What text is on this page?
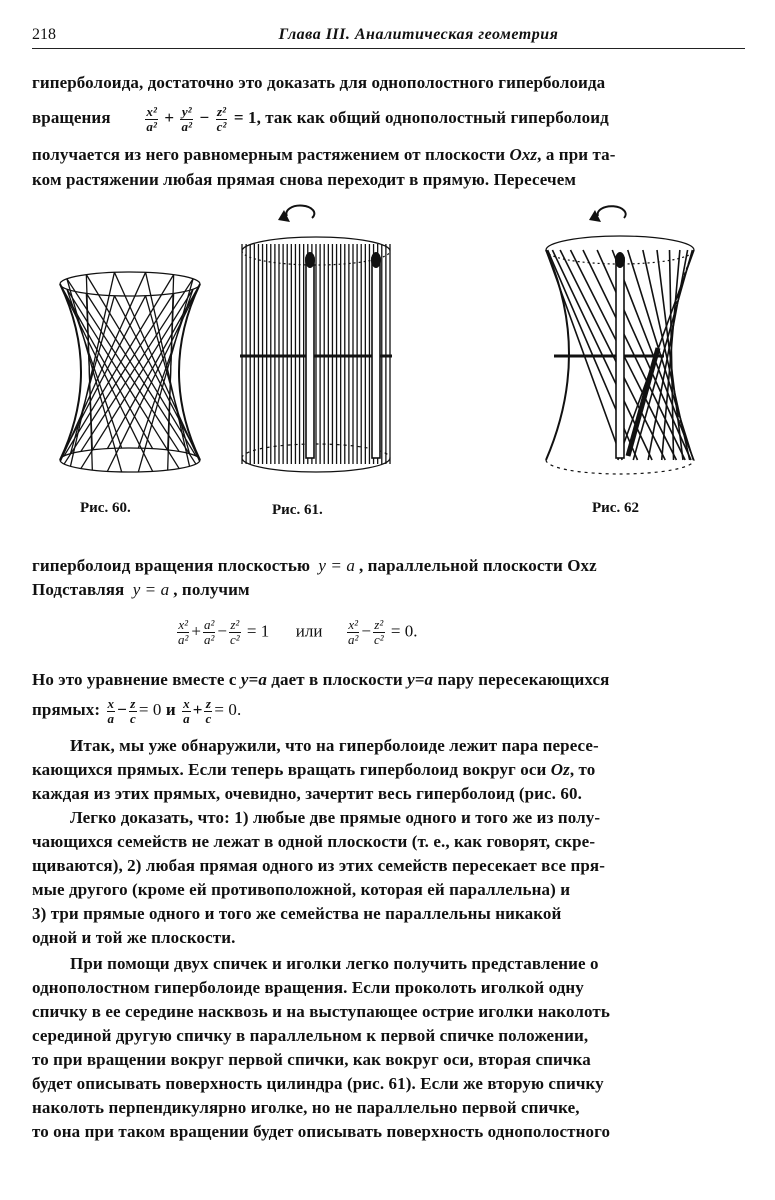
218	Глава III. Аналитическая геометрия
гиперболоида, достаточно это доказать для однополостного гиперболоида
вращения	$\frac{\text{x²}}{\text{a²}} + \frac{\text{y²}}{\text{a²}} - \frac{\text{z²}}{\text{c²}} = 1$, так как общий однополостный гиперболоид
получается из него равномерным растяжением от плоскости Oxz, а при та-
ком растяжении любая прямая снова переходит в прямую. Пересечем
Рис. 60.	Рис. 61.	Рис. 62
гиперболоид вращения плоскостью y = a , параллельной плоскости Oxz
Подставляя y = a , получим
$\frac{\text{x²}}{\text{a²}} + \frac{\text{a²}}{\text{a²}} - \frac{\text{z²}}{\text{c²}} = 1$ или $\frac{\text{x²}}{\text{a²}} - \frac{\text{z²}}{\text{c²}} = 0$.
Но это уравнение вместе с y=a дает в плоскости y=a пару пересекающихся
прямых: $\frac{x}{a} - \frac{z}{c} = 0$ и $\frac{x}{a} + \frac{z}{c} = 0$.
Итак, мы уже обнаружили, что на гиперболоиде лежит пара пересе-
кающихся прямых. Если теперь вращать гиперболоид вокруг оси Oz, то
каждая из этих прямых, очевидно, зачертит весь гиперболоид (рис. 60.
Легко доказать, что: 1) любые две прямые одного и того же из полу-
чающихся семейств не лежат в одной плоскости (т. е., как говорят, скре-
щиваются), 2) любая прямая одного из этих семейств пересекает все пря-
мые другого (кроме ей противоположной, которая ей параллельна) и
3) три прямые одного и того же семейства не параллельны никакой
одной и той же плоскости.
При помощи двух спичек и иголки легко получить представление о
однополостном гиперболоиде вращения. Если проколоть иголкой одну
спичку в ее середине насквозь и на выступающее острие иголки наколоть
серединой другую спичку в параллельном к первой спичке положении,
то при вращении вокруг первой спички, как вокруг оси, вторая спичка
будет описывать поверхность цилиндра (рис. 61). Если же вторую спичку
наколоть перпендикулярно иголке, но не параллельно первой спичке,
то она при таком вращении будет описывать поверхность однополостного
